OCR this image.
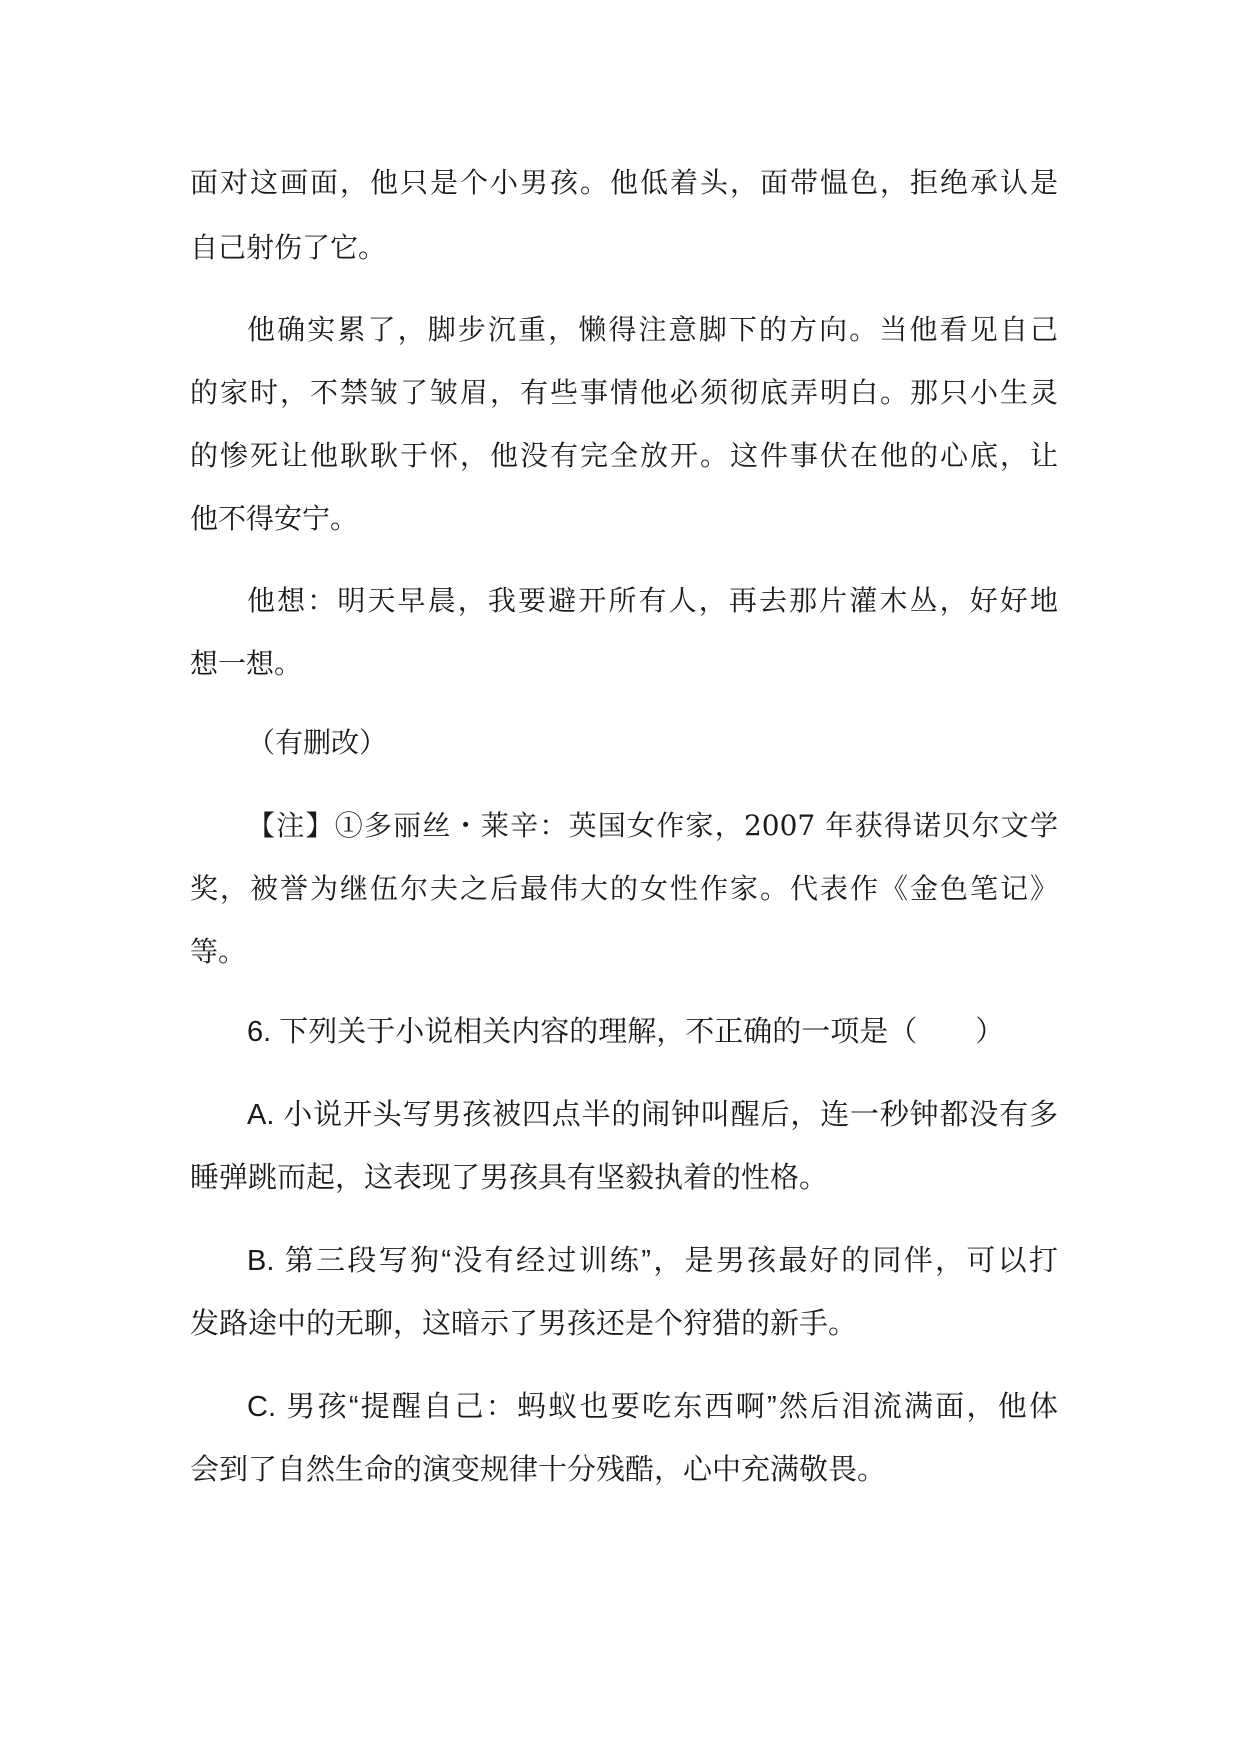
面对这画面，他只是个小男孩。他低着头，面带愠色，拒绝承认是
自己射伤了它。
他确实累了，脚步沉重，懒得注意脚下的方向。当他看见自己
的家时，不禁皱了皱眉，有些事情他必须彻底弄明白。那只小生灵
的惨死让他耿耿于怀，他没有完全放开。这件事伏在他的心底，让
他不得安宁。
他想：明天早晨，我要避开所有人，再去那片灌木丛，好好地
想一想。
（有删改）
【注】①多丽丝・莱辛：英国女作家，2007 年获得诺贝尔文学
奖，被誉为继伍尔夫之后最伟大的女性作家。代表作《金色笔记》
等。
6. 下列关于小说相关内容的理解，不正确的一项是（　　）
A. 小说开头写男孩被四点半的闹钟叫醒后，连一秒钟都没有多
睡弹跳而起，这表现了男孩具有坚毅执着的性格。
B. 第三段写狗“没有经过训练”，是男孩最好的同伴，可以打
发路途中的无聊，这暗示了男孩还是个狩猎的新手。
C. 男孩“提醒自己：蚂蚁也要吃东西啊”然后泪流满面，他体
会到了自然生命的演变规律十分残酷，心中充满敬畏。
